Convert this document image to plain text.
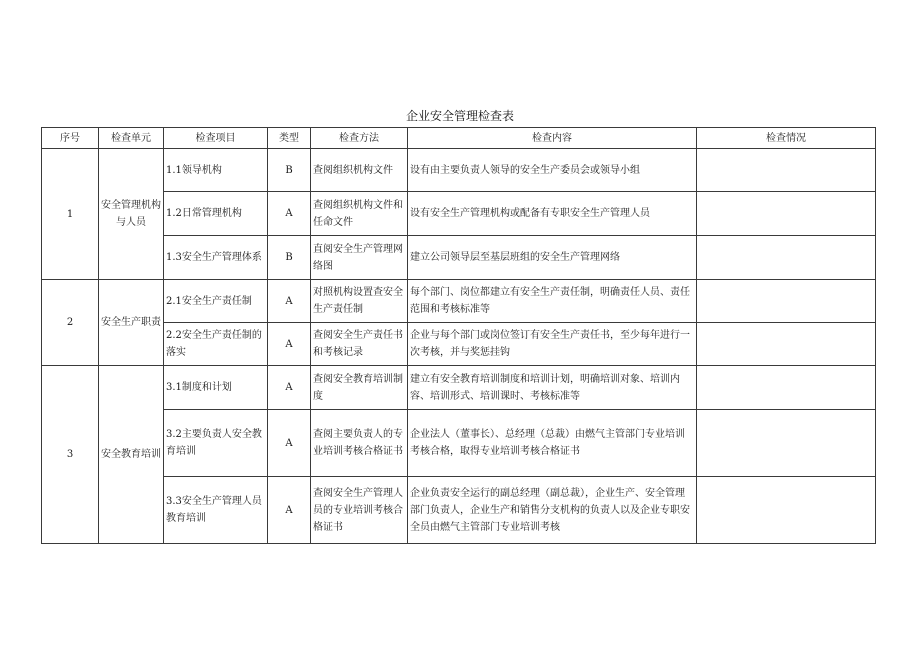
企业安全管理检查表
序号	检查单元	检查项目	类型	检查方法	检查内容	检查情况
1	安全管理机构与人员	1.1领导机构	B	查阅组织机构文件	设有由主要负责人领导的安全生产委员会或领导小组	
		1.2日常管理机构	A	查阅组织机构文件和任命文件	设有安全生产管理机构或配备有专职安全生产管理人员	
		1.3安全生产管理体系	B	直阅安全生产管理网络图	建立公司领导层至基层班组的安全生产管理网络	
2	安全生产职责	2.1安全生产责任制	A	对照机构设置查安全生产责任制	每个部门、岗位都建立有安全生产责任制，明确责任人员、责任范围和考核标准等	
		2.2安全生产责任制的落实	A	查阅安全生产责任书和考核记录	企业与每个部门或岗位签订有安全生产责任书，至少每年进行一次考核，并与奖惩挂钩	
3	安全教育培训	3.1制度和计划	A	查阅安全教育培训制度	建立有安全教育培训制度和培训计划，明确培训对象、培训内容、培训形式、培训课时、考核标准等	
		3.2主要负责人安全教育培训	A	查阅主要负责人的专业培训考核合格证书	企业法人（董事长）、总经理（总裁）由燃气主管部门专业培训考核合格，取得专业培训考核合格证书	
		3.3安全生产管理人员教育培训	A	查阅安全生产管理人员的专业培训考核合格证书	企业负责安全运行的副总经理（副总裁），企业生产、安全管理部门负责人，企业生产和销售分支机构的负责人以及企业专职安全员由燃气主管部门专业培训考核	
